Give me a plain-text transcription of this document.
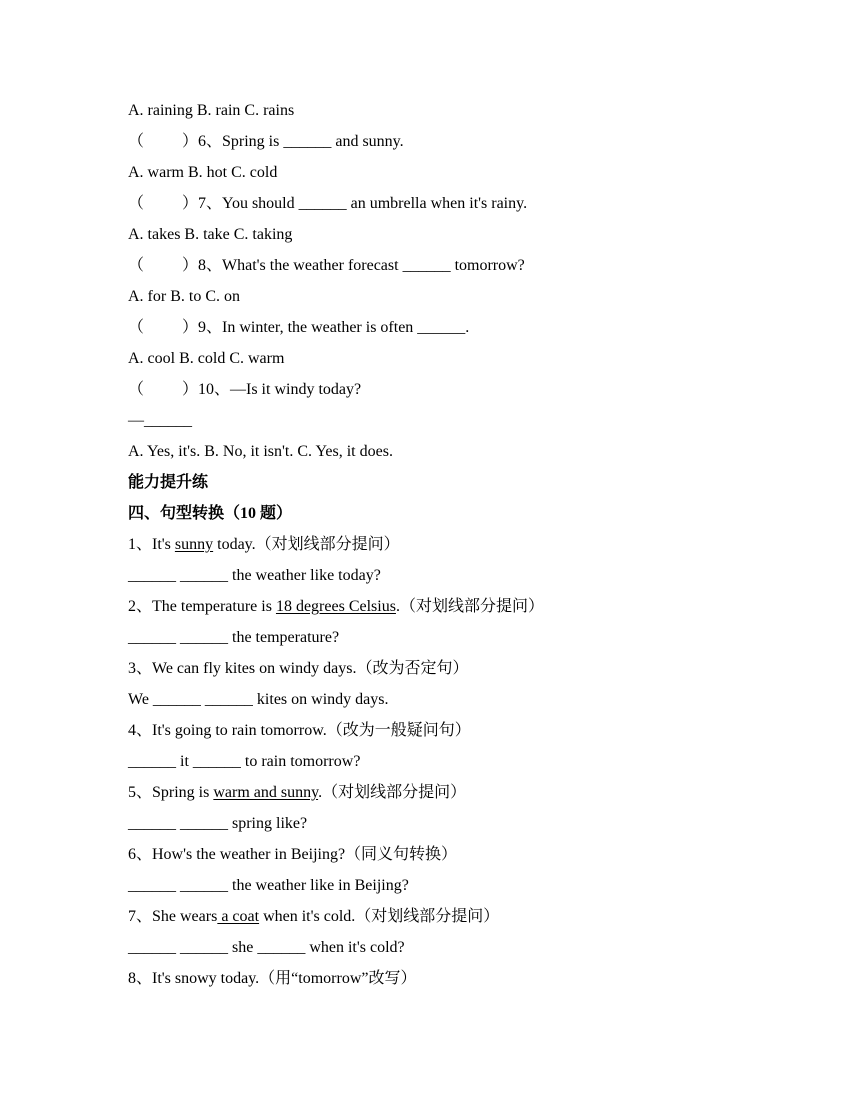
A. raining B. rain C. rains
（ ） 6、Spring is ______ and sunny.
A. warm B. hot C. cold
（ ） 7、You should ______ an umbrella when it's rainy.
A. takes B. take C. taking
（ ） 8、What's the weather forecast ______ tomorrow?
A. for B. to C. on
（ ） 9、In winter, the weather is often ______.
A. cool B. cold C. warm
（ ） 10、—Is it windy today?
—______
A. Yes, it's. B. No, it isn't. C. Yes, it does.
能力提升练
四、句型转换（10 题）
1、It's sunny today.（对划线部分提问）
______ ______ the weather like today?
2、The temperature is 18 degrees Celsius.（对划线部分提问）
______ ______ the temperature?
3、We can fly kites on windy days.（改为否定句）
We ______ ______ kites on windy days.
4、It's going to rain tomorrow.（改为一般疑问句）
______ it ______ to rain tomorrow?
5、Spring is warm and sunny.（对划线部分提问）
______ ______ spring like?
6、How's the weather in Beijing?（同义句转换）
______ ______ the weather like in Beijing?
7、She wears a coat when it's cold.（对划线部分提问）
______ ______ she ______ when it's cold?
8、It's snowy today.（用“tomorrow”改写）
